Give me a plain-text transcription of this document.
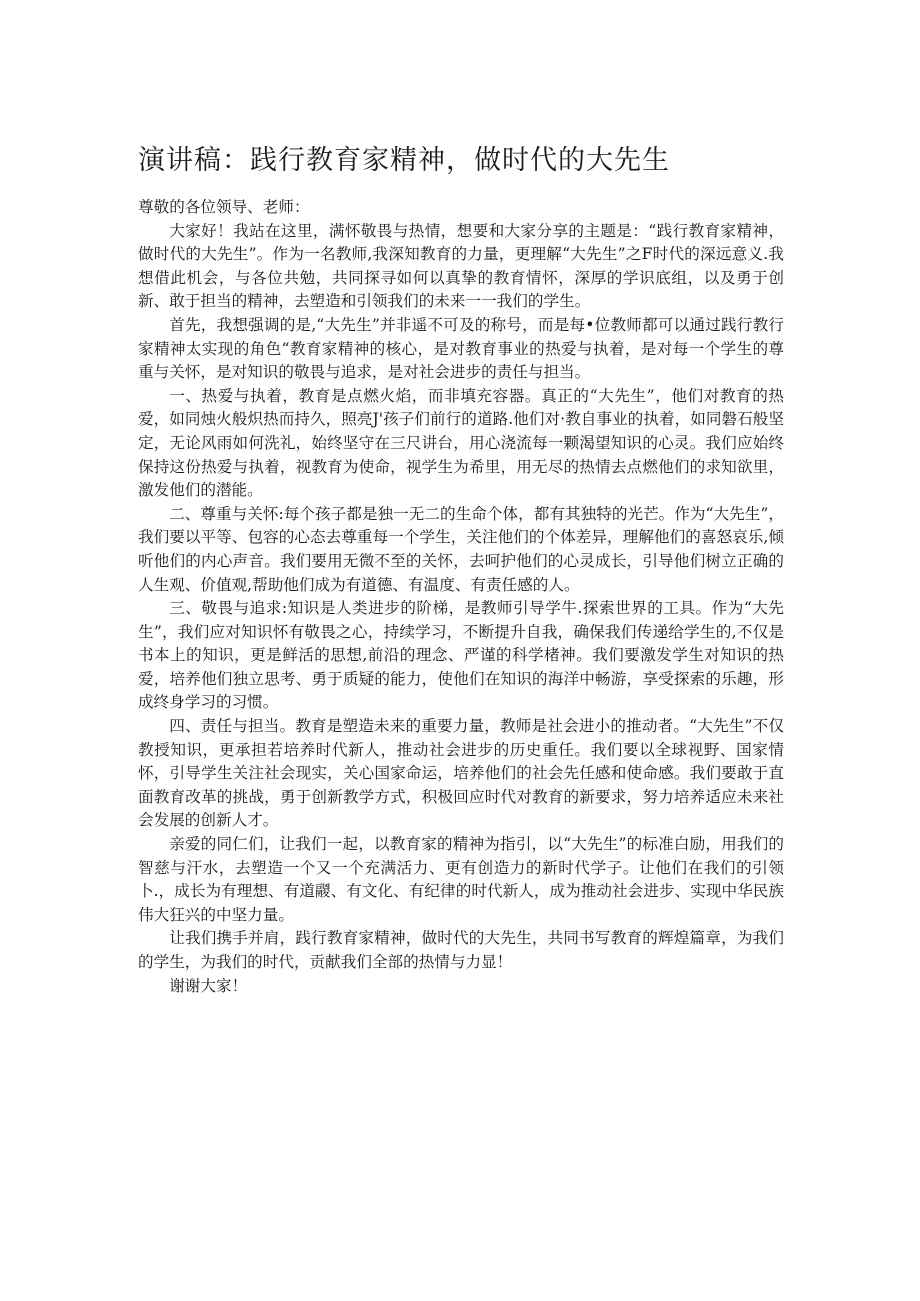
演讲稿：践行教育家精神，做时代的大先生

尊敬的各位领导、老师：

大家好！我站在这里，满怀敬畏与热情，想要和大家分享的主题是：“践行教育家精神，做时代的大先生”。作为一名教师,我深知教育的力量，更理解“大先生”之F时代的深远意义.我想借此机会，与各位共勉，共同探寻如何以真挚的教育情怀，深厚的学识底组，以及勇于创新、敢于担当的精神，去塑造和引领我们的未来一一我们的学生。

首先，我想强调的是,“大先生”并非遥不可及的称号，而是每•位教师都可以通过践行教行家精神太实现的角色“教育家精神的核心，是对教育事业的热爱与执着，是对每一个学生的尊重与关怀，是对知识的敬畏与追求，是对社会进步的责任与担当。

一、热爱与执着，教育是点燃火焰，而非填充容器。真正的“大先生”，他们对教育的热爱，如同烛火般炽热而持久，照亮J'孩子们前行的道路.他们对·教自事业的执着，如同磐石般坚定，无论风雨如何洗礼，始终坚守在三尺讲台，用心浇流每一颗渴望知识的心灵。我们应始终保持这份热爱与执着，视教育为使命，视学生为希里，用无尽的热情去点燃他们的求知欲里，激发他们的潜能。

二、尊重与关怀:每个孩子都是独一无二的生命个体，都有其独特的光芒。作为“大先生”，我们要以平等、包容的心态去尊重每一个学生，关注他们的个体差异，理解他们的喜怒哀乐,倾听他们的内心声音。我们要用无微不至的关怀，去呵护他们的心灵成长，引导他们树立正确的人生观、价值观,帮助他们成为有道德、有温度、有责任感的人。

三、敬畏与追求:知识是人类进步的阶梯，是教师引导学牛.探索世界的工具。作为“大先生”，我们应对知识怀有敬畏之心，持续学习，不断提升自我，确保我们传递给学生的,不仅是书本上的知识，更是鲜活的思想,前沿的理念、严谨的科学楮神。我们要激发学生对知识的热爱，培养他们独立思考、勇于质疑的能力，使他们在知识的海洋中畅游，享受探索的乐趣，形成终身学习的习惯。

四、责任与担当。教育是塑造未来的重要力量，教师是社会进小的推动者。“大先生”不仅教授知识，更承担若培养时代新人，推动社会进步的历史重任。我们要以全球视野、国家情怀，引导学生关注社会现实，关心国家命运，培养他们的社会先任感和使命感。我们要敢于直面教育改革的挑战，勇于创新教学方式，积极回应时代对教育的新要求，努力培养适应未来社会发展的创新人才。

亲爱的同仁们，让我们一起，以教育家的精神为指引，以“大先生”的标准白励，用我们的智慈与汗水，去塑造一个又一个充满活力、更有创造力的新时代学子。让他们在我们的引领卜.，成长为有理想、有道鬷、有文化、有纪律的时代新人，成为推动社会进步、实现中华民族伟大狂兴的中坚力量。

让我们携手并肩，践行教育家精神，做时代的大先生，共同书写教育的辉煌篇章，为我们的学生，为我们的时代，贡献我们全部的热情与力显！

谢谢大家！
